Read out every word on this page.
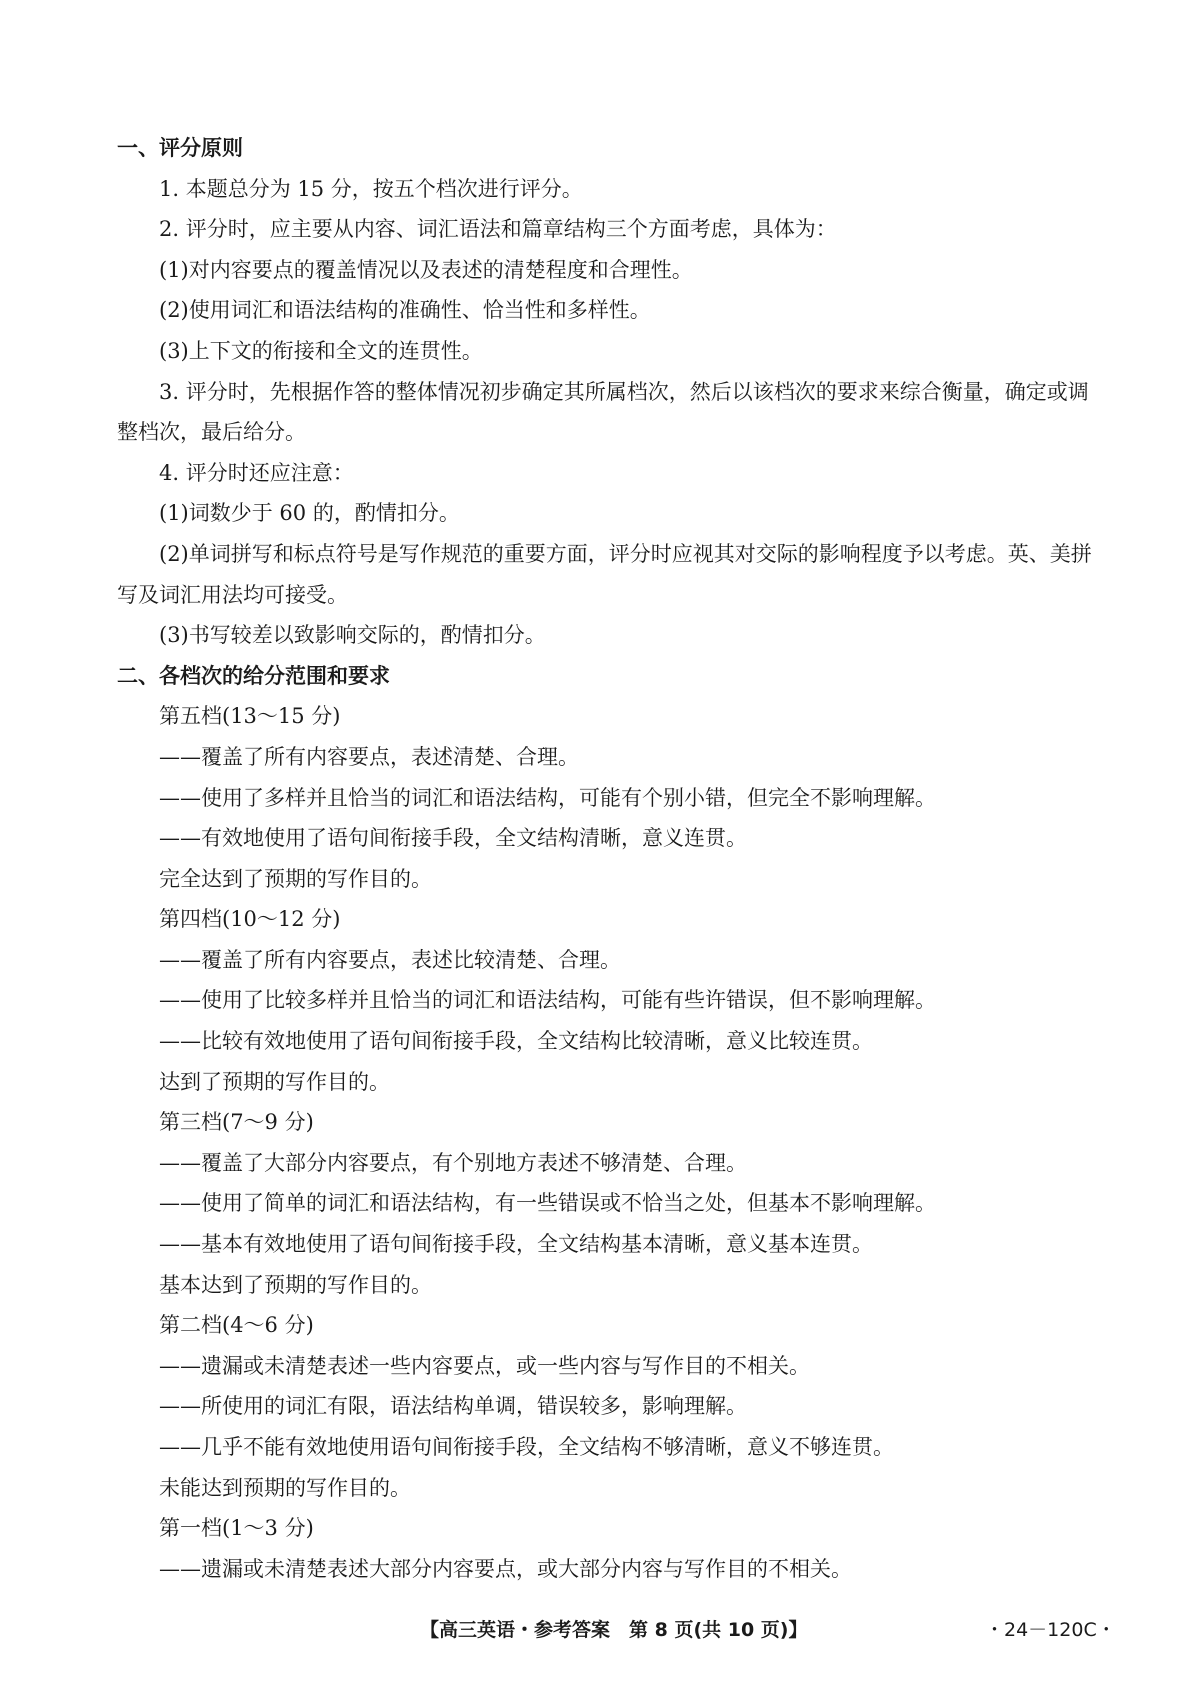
一、评分原则
1. 本题总分为 15 分，按五个档次进行评分。
2. 评分时，应主要从内容、词汇语法和篇章结构三个方面考虑，具体为：
(1)对内容要点的覆盖情况以及表述的清楚程度和合理性。
(2)使用词汇和语法结构的准确性、恰当性和多样性。
(3)上下文的衔接和全文的连贯性。
3. 评分时，先根据作答的整体情况初步确定其所属档次，然后以该档次的要求来综合衡量，确定或调整档次，最后给分。
4. 评分时还应注意：
(1)词数少于 60 的，酌情扣分。
(2)单词拼写和标点符号是写作规范的重要方面，评分时应视其对交际的影响程度予以考虑。英、美拼写及词汇用法均可接受。
(3)书写较差以致影响交际的，酌情扣分。
二、各档次的给分范围和要求
第五档(13～15 分)
——覆盖了所有内容要点，表述清楚、合理。
——使用了多样并且恰当的词汇和语法结构，可能有个别小错，但完全不影响理解。
——有效地使用了语句间衔接手段，全文结构清晰，意义连贯。
完全达到了预期的写作目的。
第四档(10～12 分)
——覆盖了所有内容要点，表述比较清楚、合理。
——使用了比较多样并且恰当的词汇和语法结构，可能有些许错误，但不影响理解。
——比较有效地使用了语句间衔接手段，全文结构比较清晰，意义比较连贯。
达到了预期的写作目的。
第三档(7～9 分)
——覆盖了大部分内容要点，有个别地方表述不够清楚、合理。
——使用了简单的词汇和语法结构，有一些错误或不恰当之处，但基本不影响理解。
——基本有效地使用了语句间衔接手段，全文结构基本清晰，意义基本连贯。
基本达到了预期的写作目的。
第二档(4～6 分)
——遗漏或未清楚表述一些内容要点，或一些内容与写作目的不相关。
——所使用的词汇有限，语法结构单调，错误较多，影响理解。
——几乎不能有效地使用语句间衔接手段，全文结构不够清晰，意义不够连贯。
未能达到预期的写作目的。
第一档(1～3 分)
——遗漏或未清楚表述大部分内容要点，或大部分内容与写作目的不相关。
【高三英语・参考答案　第 8 页(共 10 页)】	・24－120C・
